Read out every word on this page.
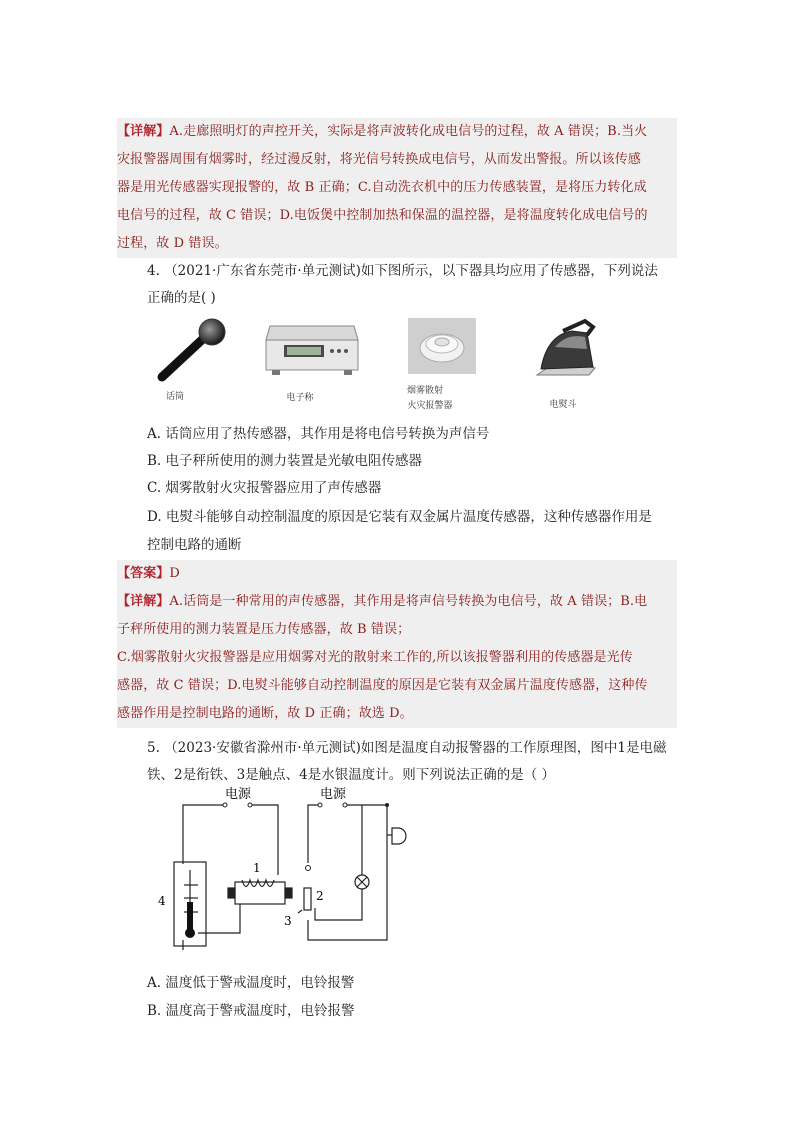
【详解】A.走廊照明灯的声控开关，实际是将声波转化成电信号的过程，故 A 错误；B.当火
灾报警器周围有烟雾时，经过漫反射，将光信号转换成电信号，从而发出警报。所以该传感
器是用光传感器实现报警的，故 B 正确；C.自动洗衣机中的压力传感装置，是将压力转化成
电信号的过程，故 C 错误；D.电饭煲中控制加热和保温的温控器，是将温度转化成电信号的
过程，故 D 错误。
4. （2021·广东省东莞市·单元测试)如下图所示，以下器具均应用了传感器，下列说法
正确的是( )
话筒	电子称
烟雾散射
火灾报警器	电熨斗
A. 话筒应用了热传感器，其作用是将电信号转换为声信号
B. 电子秤所使用的测力装置是光敏电阻传感器
C. 烟雾散射火灾报警器应用了声传感器
D. 电熨斗能够自动控制温度的原因是它装有双金属片温度传感器，这种传感器作用是
控制电路的通断
【答案】D
【详解】A.话筒是一种常用的声传感器，其作用是将声信号转换为电信号，故 A 错误；B.电
子秤所使用的测力装置是压力传感器，故 B 错误；
C.烟雾散射火灾报警器是应用烟雾对光的散射来工作的,所以该报警器利用的传感器是光传
感器，故 C 错误；D.电熨斗能够自动控制温度的原因是它装有双金属片温度传感器，这种传
感器作用是控制电路的通断，故 D 正确；故选 D。
5. （2023·安徽省滁州市·单元测试)如图是温度自动报警器的工作原理图，图中1是电磁
铁、2是衔铁、3是触点、4是水银温度计。则下列说法正确的是（ ）
电源	电源
1
2
3
4
A. 温度低于警戒温度时，电铃报警
B. 温度高于警戒温度时，电铃报警
